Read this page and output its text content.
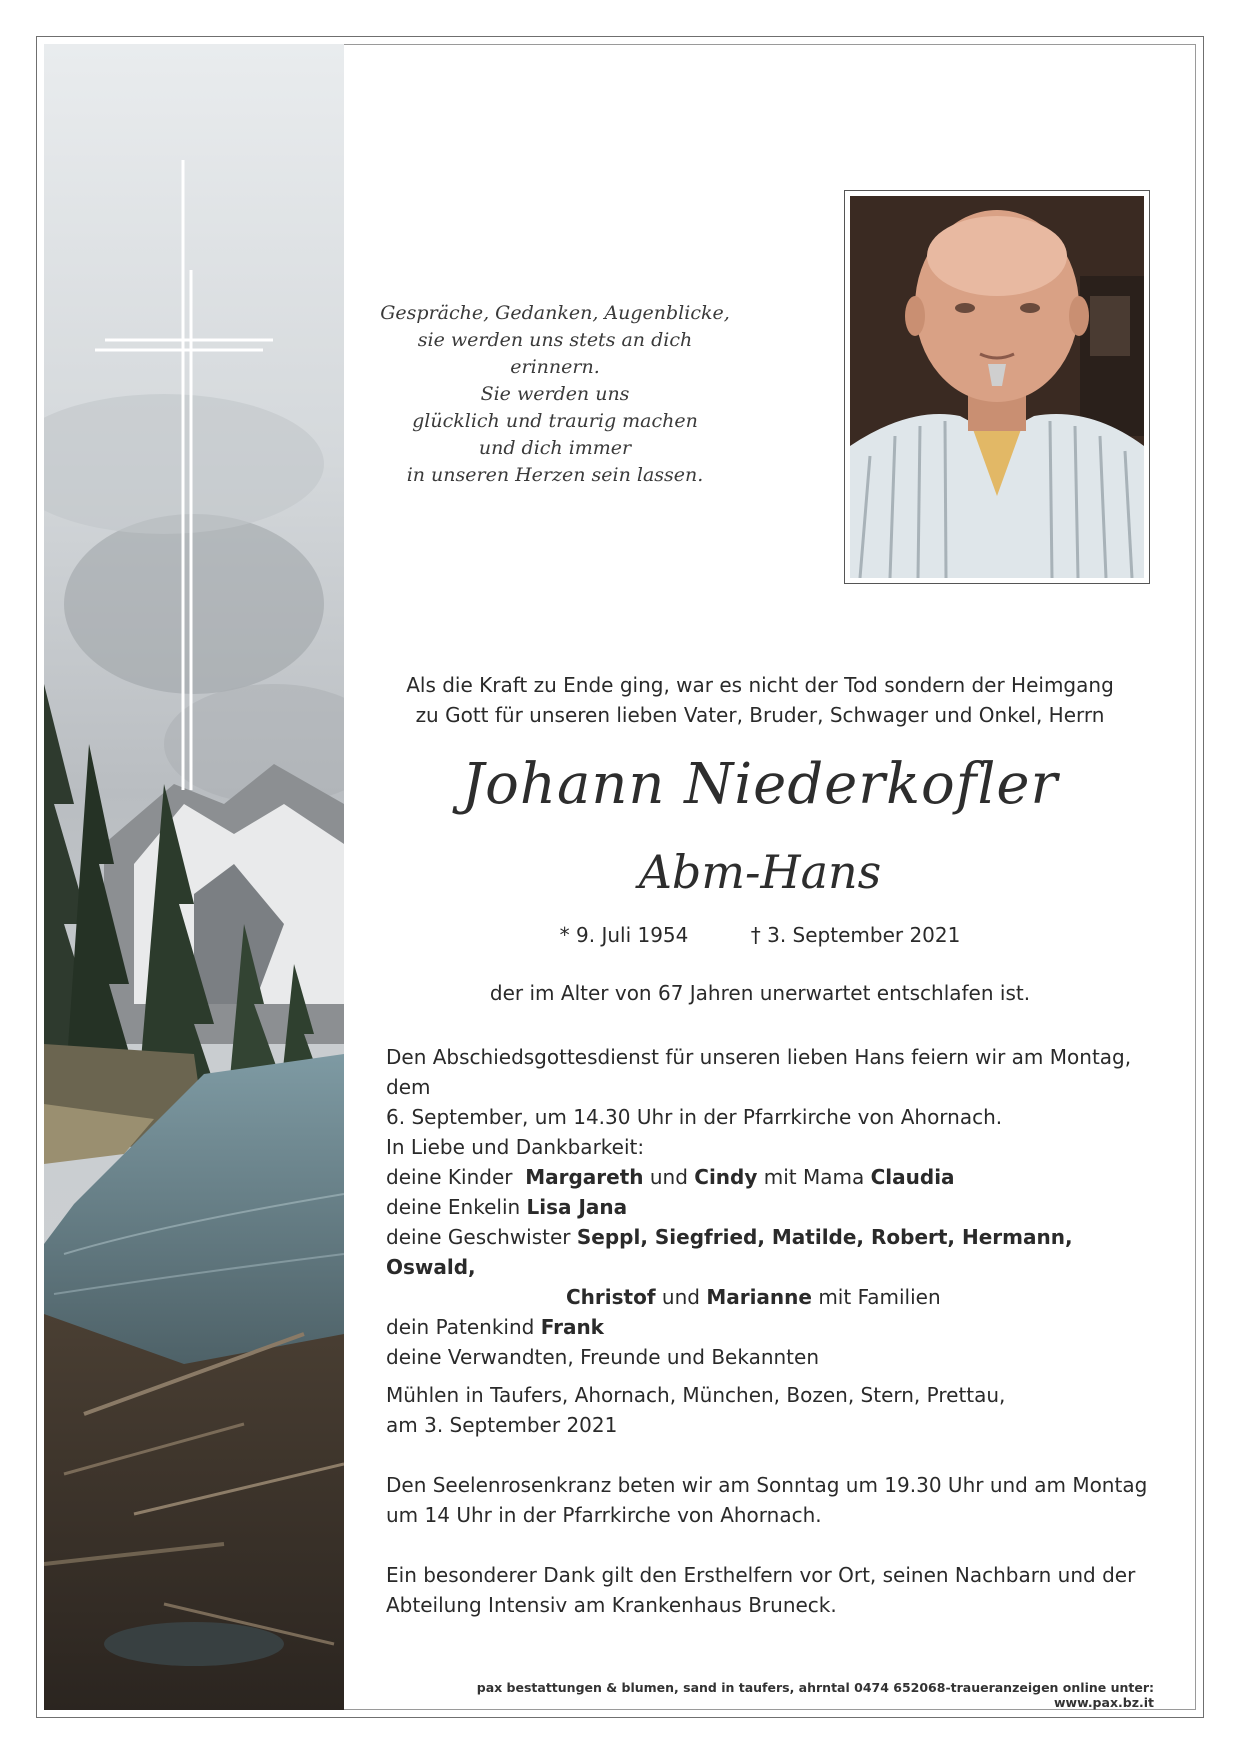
Gespräche, Gedanken, Augenblicke,
sie werden uns stets an dich erinnern.
Sie werden uns
glücklich und traurig machen
und dich immer
in unseren Herzen sein lassen.
Als die Kraft zu Ende ging, war es nicht der Tod sondern der Heimgang
zu Gott für unseren lieben Vater, Bruder, Schwager und Onkel, Herrn
Johann Niederkofler
Abm-Hans
* 9. Juli 1954	† 3. September 2021
der im Alter von 67 Jahren unerwartet entschlafen ist.

Den Abschiedsgottesdienst für unseren lieben Hans feiern wir am Montag, dem

6. September, um 14.30 Uhr in der Pfarrkirche von Ahornach.

In Liebe und Dankbarkeit:

deine Kinder Margareth und Cindy mit Mama Claudia

deine Enkelin Lisa Jana

deine Geschwister Seppl, Siegfried, Matilde, Robert, Hermann, Oswald,

Christof und Marianne mit Familien

dein Patenkind Frank

deine Verwandten, Freunde und Bekannten

Mühlen in Taufers, Ahornach, München, Bozen, Stern, Prettau,

am 3. September 2021

Den Seelenrosenkranz beten wir am Sonntag um 19.30 Uhr und am Montag

um 14 Uhr in der Pfarrkirche von Ahornach.

Ein besonderer Dank gilt den Ersthelfern vor Ort, seinen Nachbarn und der

Abteilung Intensiv am Krankenhaus Bruneck.

pax bestattungen & blumen, sand in taufers, ahrntal 0474 652068-traueranzeigen online unter: www.pax.bz.it
